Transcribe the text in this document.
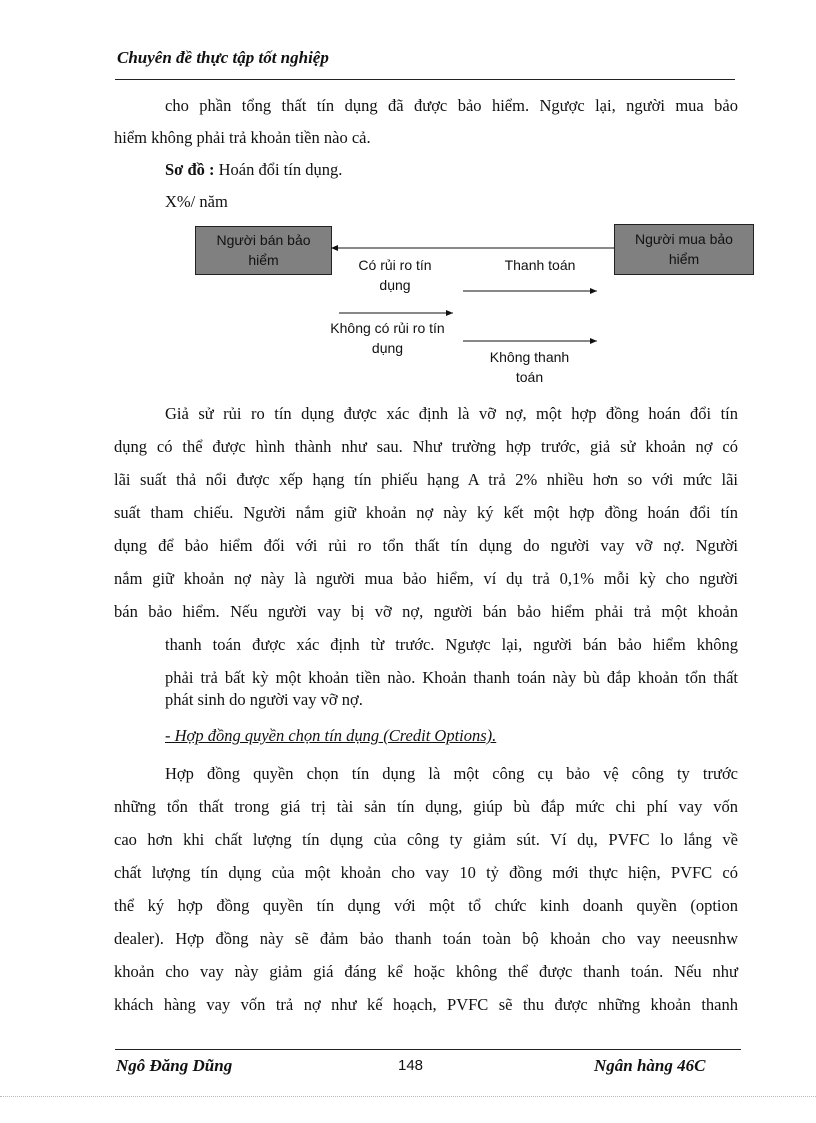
Chuyên đề thực tập tốt nghiệp
cho phần tổng thất tín dụng đã được bảo hiểm. Ngược lại, người mua bảo
hiểm không phải trả khoản tiền nào cả.
Sơ đồ : Hoán đổi tín dụng.
X%/ năm
Người bán bảo hiểm
Người mua bảo hiểm
Có rủi ro tín dụng
Thanh toán
Không có rủi ro tín dụng
Không thanh toán
Giả sử rủi ro tín dụng được xác định là vỡ nợ, một hợp đồng hoán đổi tín
dụng có thể được hình thành như sau. Như trường hợp trước, giả sử khoản nợ có
lãi suất thả nổi được xếp hạng tín phiếu hạng A trả 2% nhiều hơn so với mức lãi
suất tham chiếu. Người nắm giữ khoản nợ này ký kết một hợp đồng hoán đổi tín
dụng để bảo hiểm đối với rủi ro tổn thất tín dụng do người vay vỡ nợ. Người
nắm giữ khoản nợ này là người mua bảo hiểm, ví dụ trả 0,1% mỗi kỳ cho người
bán bảo hiểm. Nếu người vay bị vỡ nợ, người bán bảo hiểm phải trả một khoản
thanh toán được xác định từ trước. Ngược lại, người bán bảo hiểm không
phải trả bất kỳ một khoản tiền nào. Khoản thanh toán này bù đắp khoản tổn thất
phát sinh do người vay vỡ nợ.
- Hợp đồng quyền chọn tín dụng (Credit Options).
Hợp đồng quyền chọn tín dụng là một công cụ bảo vệ công ty trước
những tổn thất trong giá trị tài sản tín dụng, giúp bù đắp mức chi phí vay vốn
cao hơn khi chất lượng tín dụng của công ty giảm sút. Ví dụ, PVFC lo lắng về
chất lượng tín dụng của một khoản cho vay 10 tỷ đồng mới thực hiện, PVFC có
thể ký hợp đồng quyền tín dụng với một tổ chức kinh doanh quyền (option
dealer). Hợp đồng này sẽ đảm bảo thanh toán toàn bộ khoản cho vay neeusnhw
khoản cho vay này giảm giá đáng kể hoặc không thể được thanh toán. Nếu như
khách hàng vay vốn trả nợ như kế hoạch, PVFC sẽ thu được những khoản thanh
Ngô Đăng Dũng	148	Ngân hàng 46C
